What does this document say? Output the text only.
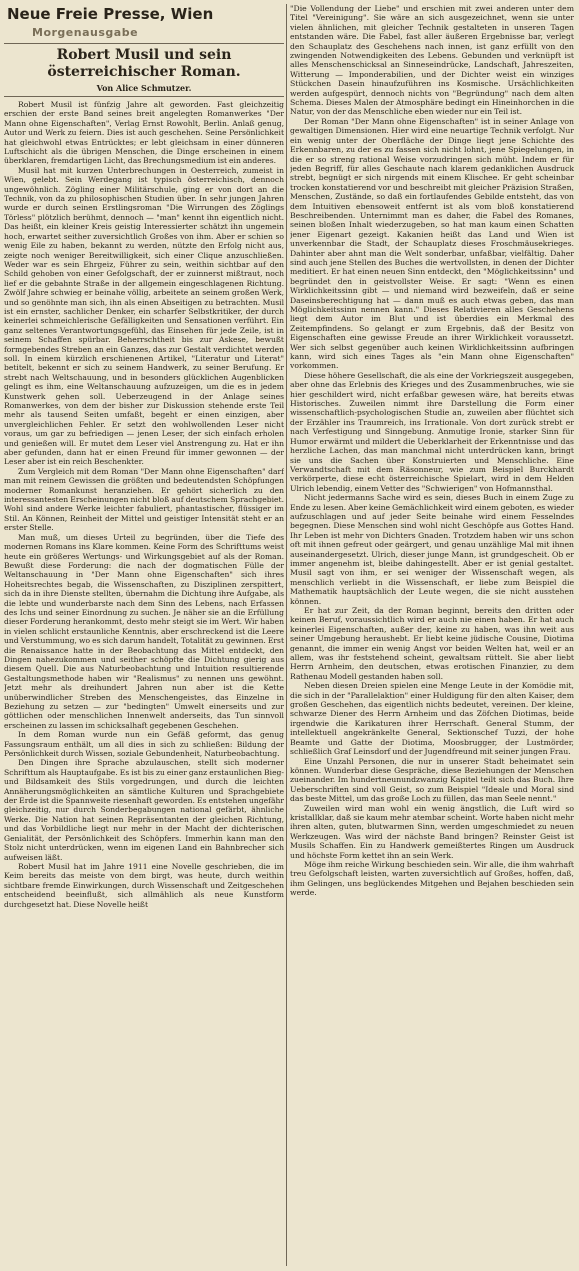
Neue Freie Presse, Wien
Morgenausgabe
Robert Musil und sein österreichischer Roman.
Von Alice Schmutzer.

Robert Musil ist fünfzig Jahre alt geworden. Fast gleichzeitig erschien der erste Band seines breit angelegten Romanwerkes "Der Mann ohne Eigenschaften", Verlag Ernst Rowohlt, Berlin. Anlaß genug, Autor und Werk zu feiern. Dies ist auch geschehen. Seine Persönlichkeit hat gleichwohl etwas Entrücktes; er lebt gleichsam in einer dünneren Luftschicht als die übrigen Menschen, die Dinge erscheinen in einem überklaren, fremdartigen Licht, das Brechungsmedium ist ein anderes.

Musil hat mit kurzen Unterbrechungen in Oesterreich, zumeist in Wien, gelebt. Sein Werdegang ist typisch österreichisch, dennoch ungewöhnlich. Zögling einer Militärschule, ging er von dort an die Technik, von da zu philosophischen Studien über. In sehr jungen Jahren wurde er durch seinen Erstlingsroman "Die Wirrungen des Zöglings Törless" plötzlich berühmt, dennoch — "man" kennt ihn eigentlich nicht. Das heißt, ein kleiner Kreis geistig Interessierter schätzt ihn ungemein hoch, erwartet seither zuversichtlich Großes von ihm. Aber er schien so wenig Eile zu haben, bekannt zu werden, nützte den Erfolg nicht aus, zeigte noch weniger Bereitwilligkeit, sich einer Clique anzuschließen. Weder war es sein Ehrgeiz, Führer zu sein, weithin sichtbar auf den Schild gehoben von einer Gefolgschaft, der er zuinnerst mißtraut, noch lief er die gebahnte Straße in der allgemein eingeschlagenen Richtung. Zwölf Jahre schwieg er beinahe völlig, arbeitete an seinem großen Werk, und so genöhnte man sich, ihn als einen Abseitigen zu betrachten. Musil ist ein ernster, sachlicher Denker, ein scharfer Selbstkritiker, der durch keinerlei schmeichlerische Gefälligkeiten und Sensationen verführt. Ein ganz seltenes Verantwortungsgefühl, das Einsehen für jede Zeile, ist in seinem Schaffen spürbar. Beherrschtheit bis zur Askese, bewußt formgebendes Streben an ein Ganzes, das zur Gestalt verdichtet werden soll. In einem kürzlich erschienenen Artikel, "Literatur und Literat" betitelt, bekennt er sich zu seinem Handwerk, zu seiner Berufung. Er strebt nach Weltschauung, und in besonders glücklichen Augenblicken gelingt es ihm, eine Weltanschauung aufzuzeigen, um die es in jedem Kunstwerk gehen soll. Ueberzeugend in der Anlage seines Romanwerkes, von dem der bisher zur Diskussion stehende erste Teil mehr als tausend Seiten umfaßt, begeht er einen einzigen, aber unvergleichlichen Fehler. Er setzt den wohlwollenden Leser nicht voraus, um gar zu befriedigen — jenen Leser, der sich einfach erholen und genießen will. Er mutet dem Leser viel Anstrengung zu. Hat er ihn aber gefunden, dann hat er einen Freund für immer gewonnen — der Leser aber ist ein reich Beschenkter.

Zum Vergleich mit dem Roman "Der Mann ohne Eigenschaften" darf man mit reinem Gewissen die größten und bedeutendsten Schöpfungen moderner Romankunst heranziehen. Er gehört sicherlich zu den interessantesten Erscheinungen nicht bloß auf deutschem Sprachgebiet. Wohl sind andere Werke leichter fabuliert, phantastischer, flüssiger im Stil. An Können, Reinheit der Mittel und geistiger Intensität steht er an erster Stelle.

Man muß, um dieses Urteil zu begründen, über die Tiefe des modernen Romans ins Klare kommen. Keine Form des Schrifttums weist heute ein größeres Wertungs- und Wirkungsgebiet auf als der Roman. Bewußt diese Forderung: die nach der dogmatischen Fülle der Weltanschauung in "Der Mann ohne Eigenschaften" sich ihres Hoheitsrechtes begab, die Wissenschaften, zu Disziplinen zerspittert, sich da in ihre Dienste stellten, übernahm die Dichtung ihre Aufgabe, als die lebte und wunderbarste nach dem Sinn des Lebens, nach Erfassen des Ichs und seiner Einordnung zu suchen. Je näher sie an die Erfüllung dieser Forderung herankommt, desto mehr steigt sie im Wert. Wir haben in vielen schlicht erstaunliche Kenntnis, aber erschreckend ist die Leere und Verstummung, wo es sich darum handelt, Totalität zu gewinnen. Erst die Renaissance hatte in der Beobachtung das Mittel entdeckt, den Dingen nahezukommen und seither schöpfte die Dichtung gierig aus diesem Quell. Die aus Naturbeobachtung und Intuition resultierende Gestaltungsmethode haben wir "Realismus" zu nennen uns gewöhnt. Jetzt mehr als dreihundert Jahren nun aber ist die Kette unüberwindlicher Streben des Menschengeistes, das Einzelne in Beziehung zu setzen — zur "bedingten" Umwelt einerseits und zur göttlichen oder menschlichen Innenwelt anderseits, das Tun sinnvoll erscheinen zu lassen im schicksalhaft gegebenen Geschehen.

In dem Roman wurde nun ein Gefäß geformt, das genug Fassungsraum enthält, um all dies in sich zu schließen: Bildung der Persönlichkeit durch Wissen, soziale Gebundenheit, Naturbeobachtung.

Den Dingen ihre Sprache abzulauschen, stellt sich moderner Schrifttum als Hauptaufgabe. Es ist bis zu einer ganz erstaunlichen Bieg- und Bildsamkeit des Stils vorgedrungen, und durch die leichten Annäherungsmöglichkeiten an sämtliche Kulturen und Sprachgebiete der Erde ist die Spannweite riesenhaft geworden. Es entstehen ungefähr gleichzeitig, nur durch Sonderbegabungen national gefärbt, ähnliche Werke. Die Nation hat seinen Repräsentanten der gleichen Richtung, und das Vorbildliche liegt nur mehr in der Macht der dichterischen Genialität, der Persönlichkeit des Schöpfers. Immerhin kann man den Stolz nicht unterdrücken, wenn im eigenen Land ein Bahnbrecher sich aufweisen läßt.

Robert Musil hat im Jahre 1911 eine Novelle geschrieben, die im Keim bereits das meiste von dem birgt, was heute, durch weithin sichtbare fremde Einwirkungen, durch Wissenschaft und Zeitgeschehen entscheidend beeinflußt, sich allmählich als neue Kunstform durchgesetzt hat. Diese Novelle heißt

"Die Vollendung der Liebe" und erschien mit zwei anderen unter dem Titel "Vereinigung". Sie wäre an sich ausgezeichnet, wenn sie unter vielen ähnlichen, mit gleicher Technik gestalteten in unseren Tagen entstanden wäre. Die Fabel, fast aller äußeren Ergebnisse bar, verlegt den Schauplatz des Geschehens nach innen, ist ganz erfüllt von den zwingenden Notwendigkeiten des Lebens. Gebunden und verknüpft ist alles Menschenschicksal an Sinneseindrücke, Landschaft, Jahreszeiten, Witterung — Imponderabilien, und der Dichter weist ein winziges Stückchen Dasein hinaufzuführen ins Kosmische. Ursächlichkeiten werden aufgespürt, dennoch nichts von "Begründung" nach dem alten Schema. Dieses Malen der Atmosphäre bedingt ein Hineinhorchen in die Natur, von der das Menschliche eben wieder nur ein Teil ist.

Der Roman "Der Mann ohne Eigenschaften" ist in seiner Anlage von gewaltigen Dimensionen. Hier wird eine neuartige Technik verfolgt. Nur ein wenig unter der Oberfläche der Dinge liegt jene Schichte des Erkennbaren, zu der es zu fassen sich nicht lohnt, jene Spiegelungen, in die er so streng rational Weise vorzudringen sich müht. Indem er für jeden Begriff, für alles Geschaute nach klarem gedanklichen Ausdruck strebt, begnügt er sich nirgends mit einem Klischee. Er geht scheinbar trocken konstatierend vor und beschreibt mit gleicher Präzision Straßen, Menschen, Zustände, so daß ein fortlaufendes Gebilde entsteht, das von dem Intuitiven ebensoweit entfernt ist als vom bloß konstatierend Beschreibenden. Unternimmt man es daher, die Fabel des Romanes, seinen bloßen Inhalt wiederzugeben, so hat man kaum einen Schatten jener Eigenart gezeigt. Kakanien heißt das Land und Wien ist unverkennbar die Stadt, der Schauplatz dieses Froschmäusekrieges. Dahinter aber ahnt man die Welt sonderbar, unfaßbar, vielfältig. Daher sind auch jene Stellen des Buches die wertvollsten, in denen der Dichter meditiert. Er hat einen neuen Sinn entdeckt, den "Möglichkeitssinn" und begründet den in geistvollster Weise. Er sagt: "Wenn es einen Wirklichkeitssinn gibt — und niemand wird bezweifeln, daß er seine Daseinsberechtigung hat — dann muß es auch etwas geben, das man Möglichkeitssinn nennen kann." Dieses Relativieren alles Geschehens liegt dem Autor im Blut und ist überdies ein Merkmal des Zeitempfindens. So gelangt er zum Ergebnis, daß der Besitz von Eigenschaften eine gewisse Freude an ihrer Wirklichkeit voraussetzt. Wer sich selbst gegenüber auch keinen Wirklichkeitssinn aufbringen kann, wird sich eines Tages als "ein Mann ohne Eigenschaften" vorkommen.

Diese höhere Gesellschaft, die als eine der Vorkriegszeit ausgegeben, aber ohne das Erlebnis des Krieges und des Zusammenbruches, wie sie hier geschildert wird, nicht erfaßbar gewesen wäre, hat bereits etwas Historisches. Zuweilen nimmt ihre Darstellung die Form einer wissenschaftlich-psychologischen Studie an, zuweilen aber flüchtet sich der Erzähler ins Traumreich, ins Irrationale. Von dort zurück strebt er nach Verfestigung und Sinngebung. Anmutige Ironie, starker Sinn für Humor erwärmt und mildert die Ueberklarheit der Erkenntnisse und das herzliche Lachen, das man manchmal nicht unterdrücken kann, bringt sie uns die Sachen über Konstruierten und Menschliche. Eine Verwandtschaft mit dem Räsonneur, wie zum Beispiel Burckhardt verkörperte, diese echt österreichische Spielart, wird in dem Helden Ulrich lebendig, einem Vetter des "Schwierigen" von Hofmannsthal.

Nicht jedermanns Sache wird es sein, dieses Buch in einem Zuge zu Ende zu lesen. Aber keine Gemächlichkeit wird einem geboten, es wieder aufzuschlagen und auf jeder Seite beinahe wird einem Fesselndes begegnen. Diese Menschen sind wohl nicht Geschöpfe aus Gottes Hand. Ihr Leben ist mehr von Dichters Gnaden. Trotzdem haben wir uns schon oft mit ihnen gefreut oder geärgert, und genau unzählige Mal mit ihnen auseinandergesetzt. Ulrich, dieser junge Mann, ist grundgescheit. Ob er immer angenehm ist, bleibe dahingestellt. Aber er ist genial gestaltet. Musil sagt von ihm, er sei weniger der Wissenschaft wegen, als menschlich verliebt in die Wissenschaft, er liebe zum Beispiel die Mathematik hauptsächlich der Leute wegen, die sie nicht ausstehen können.

Er hat zur Zeit, da der Roman beginnt, bereits den dritten oder keinen Beruf, voraussichtlich wird er auch nie einen haben. Er hat auch keinerlei Eigenschaften, außer der, keine zu haben, was ihn weit aus seiner Umgebung heraushebt. Er liebt keine jüdische Cousine, Diotima genannt, die immer ein wenig Angst vor beiden Welten hat, weil er an allem, was ihr feststehend scheint, gewaltsam rüttelt. Sie aber liebt Herrn Arnheim, den deutschen, etwas erotischen Finanzier, zu dem Rathenau Modell gestanden haben soll.

Neben diesen Dreien spielen eine Menge Leute in der Komödie mit, die sich in der "Parallelaktion" einer Huldigung für den alten Kaiser, dem großen Geschehen, das eigentlich nichts bedeutet, vereinen. Der kleine, schwarze Diener des Herrn Arnheim und das Zöfchen Diotimas, beide irgendwie die Karikaturen ihrer Herrschaft. General Stumm, der intellektuell angekränkelte General, Sektionschef Tuzzi, der hohe Beamte und Gatte der Diotima, Moosbrugger, der Lustmörder, schließlich Graf Leinsdorf und der Jugendfreund mit seiner jungen Frau.

Eine Unzahl Personen, die nur in unserer Stadt beheimatet sein können. Wunderbar diese Gespräche, diese Beziehungen der Menschen zueinander. Im hundertneunundzwanzig Kapitel teilt sich das Buch. Ihre Ueberschriften sind voll Geist, so zum Beispiel "Ideale und Moral sind das beste Mittel, um das große Loch zu füllen, das man Seele nennt."

Zuweilen wird man wohl ein wenig ängstlich, die Luft wird so kristallklar, daß sie kaum mehr atembar scheint. Worte haben nicht mehr ihren alten, guten, blutwarmen Sinn, werden umgeschmiedet zu neuen Werkzeugen. Was wird der nächste Band bringen? Reinster Geist ist Musils Schaffen. Ein zu Handwerk gemeißtertes Ringen um Ausdruck und höchste Form kettet ihn an sein Werk.

Möge ihm reiche Wirkung beschieden sein. Wir alle, die ihm wahrhaft treu Gefolgschaft leisten, warten zuversichtlich auf Großes, hoffen, daß, ihm Gelingen, uns beglückendes Mitgehen und Bejahen beschieden sein werde.
